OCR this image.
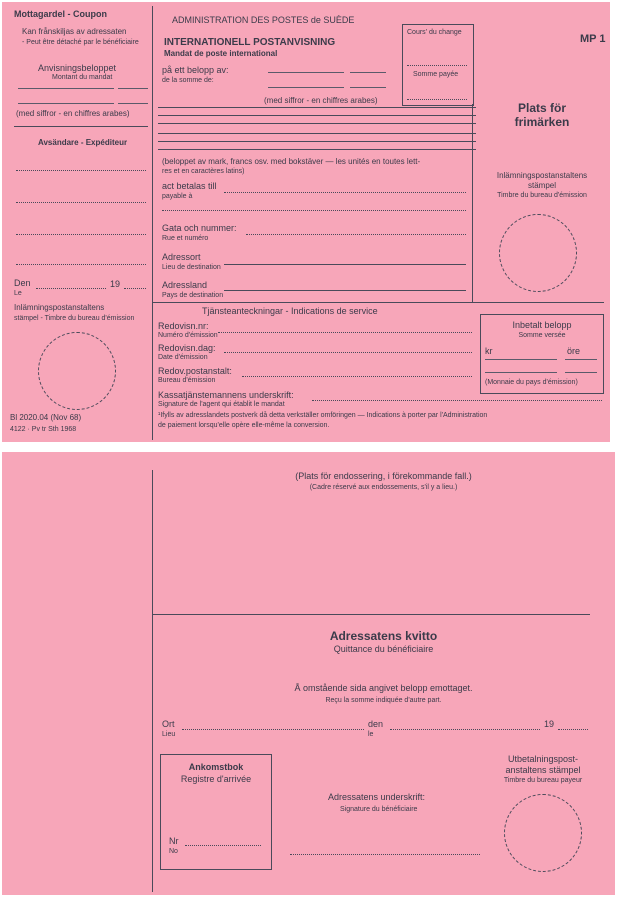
Mottagardel - Coupon
Kan frånskiljas av adressaten
- Peut être détaché par le bénéficiaire
Anvisningsbeloppet
Montant du mandat
(med siffror - en chiffres arabes)
Avsändare - Expéditeur
Den
Le
19
Inlämningspostanstaltens
stämpel - Timbre du bureau d'émission
Bl 2020.04 (Nov 68)
4122 · Pv tr Sth 1968
ADMINISTRATION DES POSTES de SUÈDE
INTERNATIONELL POSTANVISNING
Mandat de poste international
Cours' du change
Somme payée
MP 1
på ett belopp av:
de la somme de:
(med siffror - en chiffres arabes)
(beloppet av mark, francs osv. med bokstäver — les unités en toutes lett-
res et en caractères latins)
act betalas till
payable à
Gata och nummer:
Rue et numéro
Adressort
Lieu de destination
Adressland
Pays de destination
Plats för
frimärken
Inlämningspostanstaltens
stämpel
Timbre du bureau d'émission
Tjänsteanteckningar - Indications de service
Redovisn.nr:
Numéro d'émission
Redovisn.dag:
Date d'émission
Redov.postanstalt:
Bureau d'émission
Kassatjänstemannens underskrift:
Signature de l'agent qui établit le mandat
Inbetalt belopp
Somme versée
kr	öre
(Monnaie du pays d'émission)
¹Ifylls av adresslandets postverk då detta verkställer omföringen — Indications à porter par l'Administration
de paiement lorsqu'elle opère elle-même la conversion.
(Plats för endossering, i förekommande fall.)
(Cadre réservé aux endossements, s'il y a lieu.)
Adressatens kvitto
Quittance du bénéficiaire
Å omstående sida angivet belopp emottaget.
Reçu la somme indiquée d'autre part.
Ort
Lieu
den
le
19
Ankomstbok
Registre d'arrivée
Nr
No
Adressatens underskrift:
Signature du bénéficiaire
Utbetalningspost-
anstaltens stämpel
Timbre du bureau payeur
